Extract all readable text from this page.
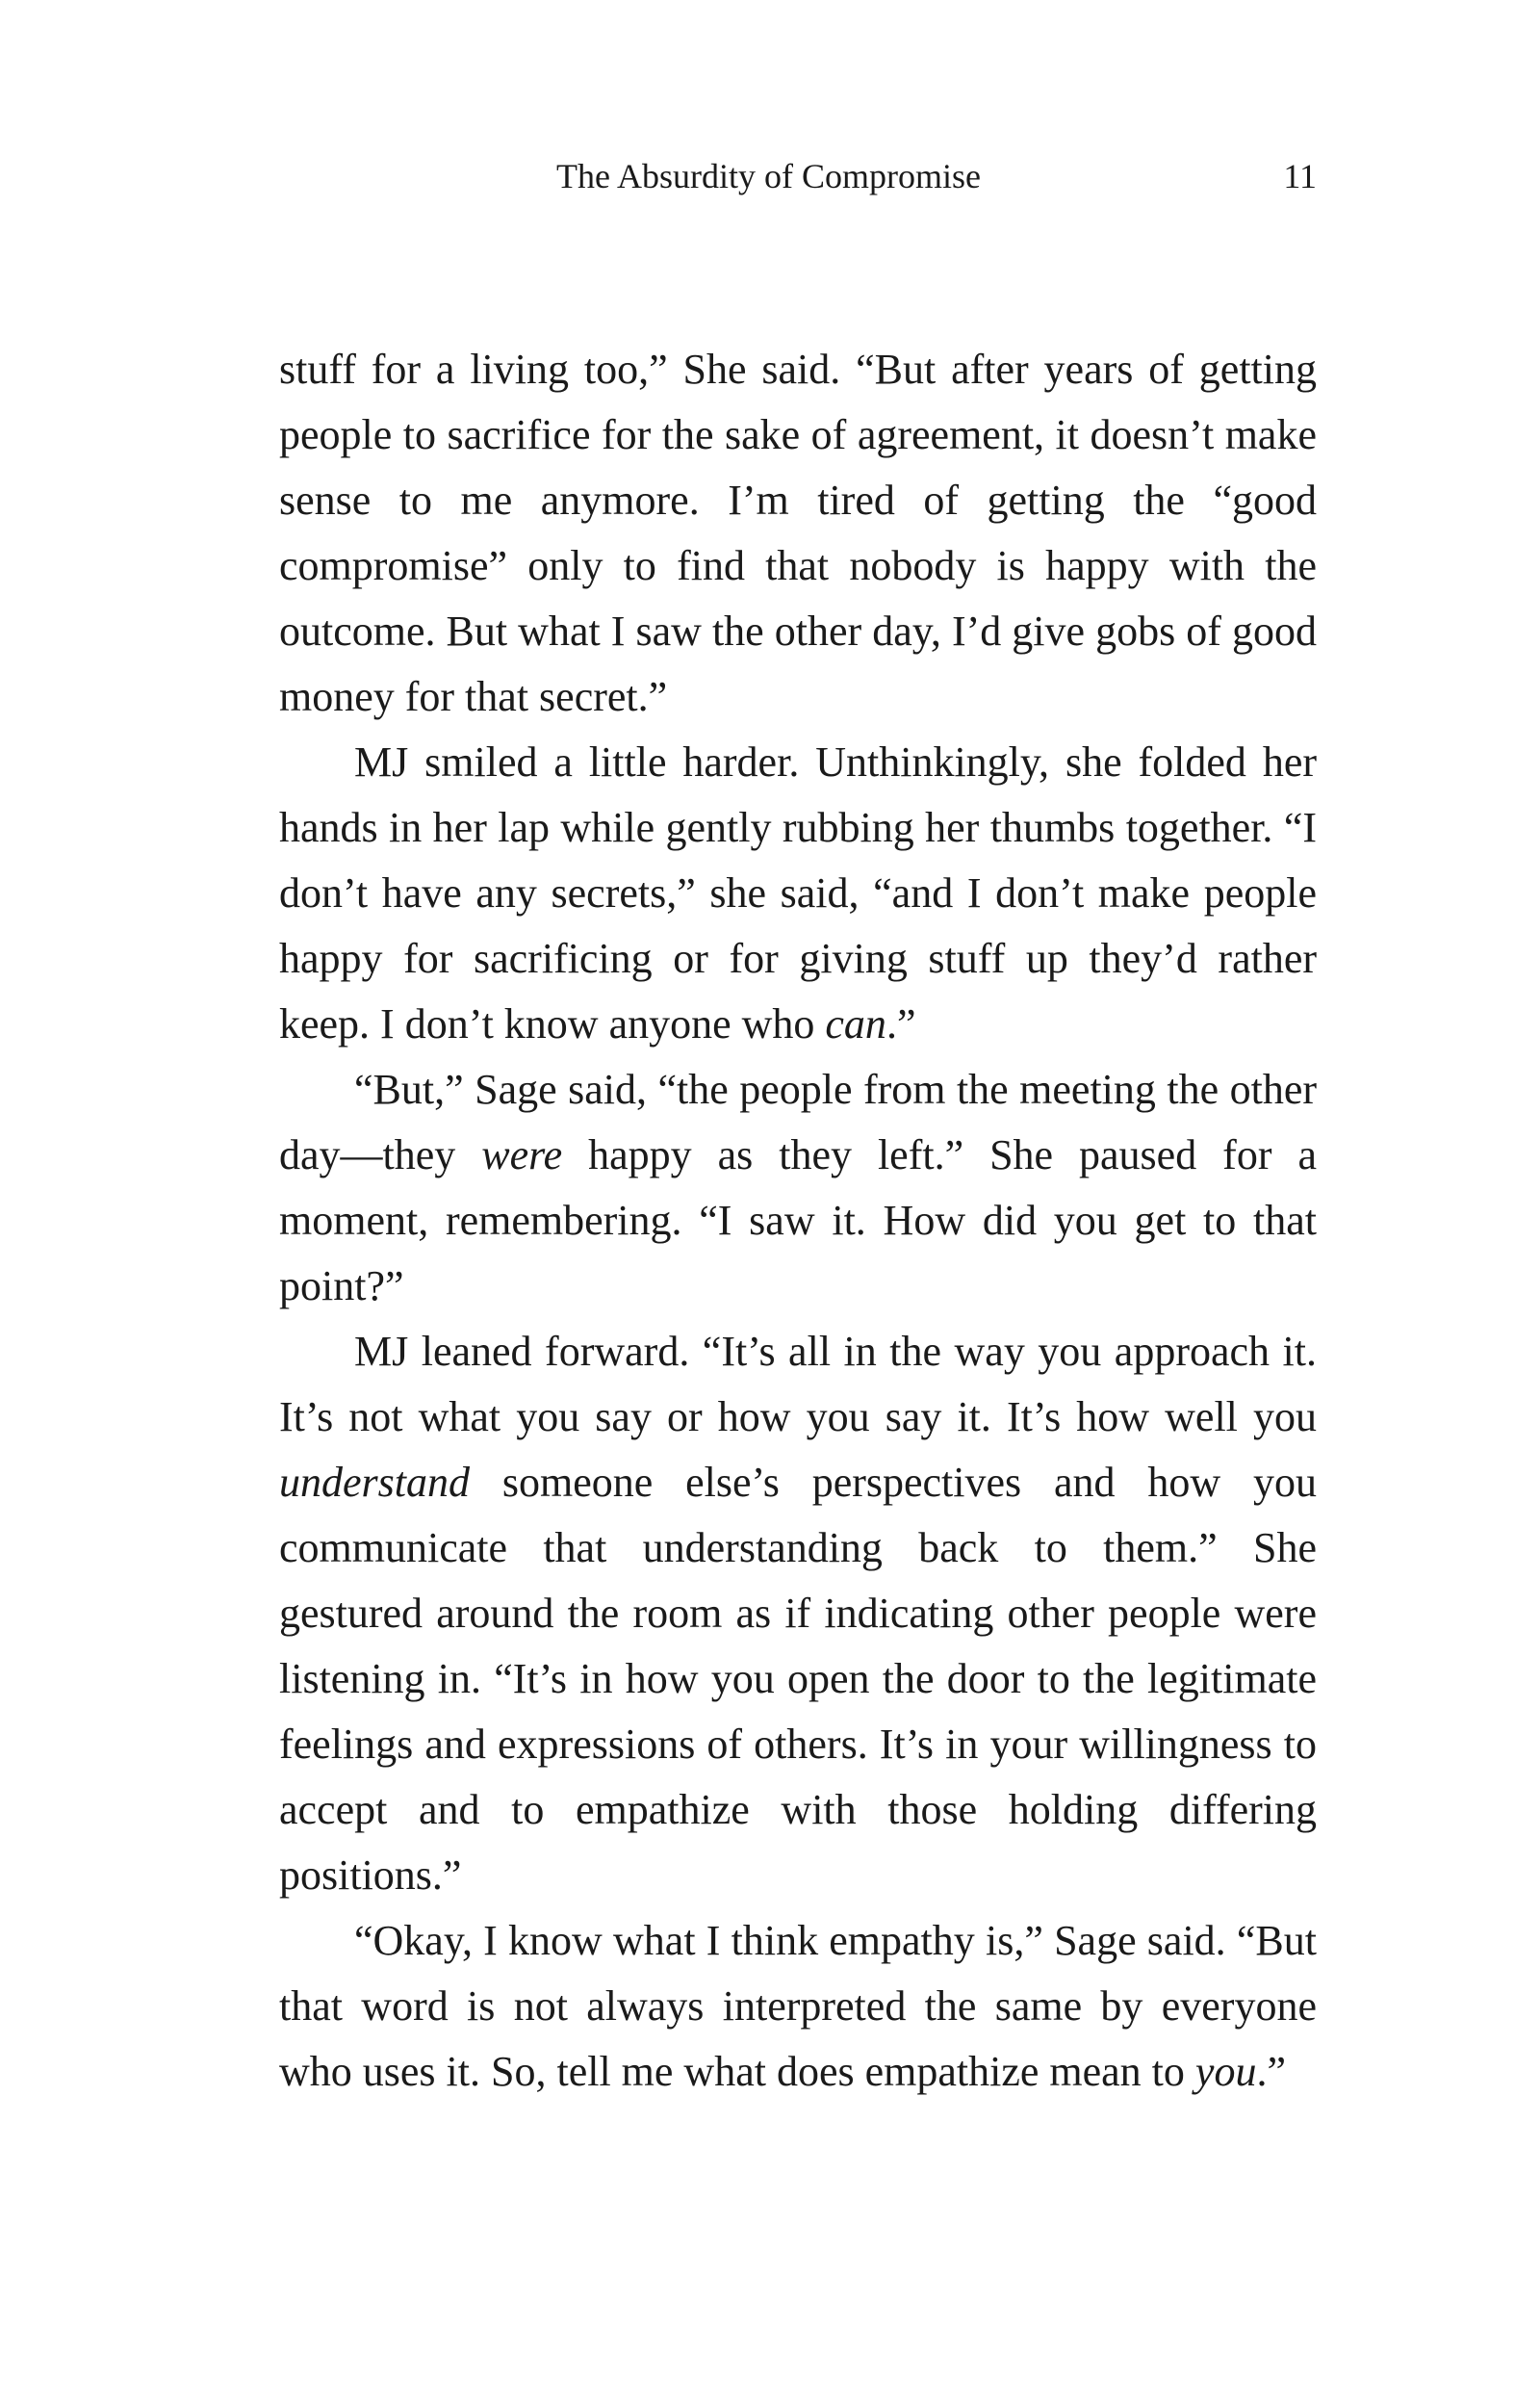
The Absurdity of Compromise	11

stuff for a living too,” She said. “But after years of getting people to sacrifice for the sake of agreement, it doesn’t make sense to me anymore. I’m tired of getting the “good compromise” only to find that nobody is happy with the outcome. But what I saw the other day, I’d give gobs of good money for that secret.”

MJ smiled a little harder. Unthinkingly, she folded her hands in her lap while gently rubbing her thumbs together. “I don’t have any secrets,” she said, “and I don’t make people happy for sacrificing or for giving stuff up they’d rather keep. I don’t know anyone who can.”

“But,” Sage said, “the people from the meeting the other day—they were happy as they left.” She paused for a moment, remembering. “I saw it. How did you get to that point?”

MJ leaned forward. “It’s all in the way you approach it. It’s not what you say or how you say it. It’s how well you understand someone else’s perspectives and how you communicate that understanding back to them.” She gestured around the room as if indicating other people were listening in. “It’s in how you open the door to the legitimate feelings and expressions of others. It’s in your willingness to accept and to empathize with those holding differing positions.”

“Okay, I know what I think empathy is,” Sage said. “But that word is not always interpreted the same by everyone who uses it. So, tell me what does empathize mean to you.”
